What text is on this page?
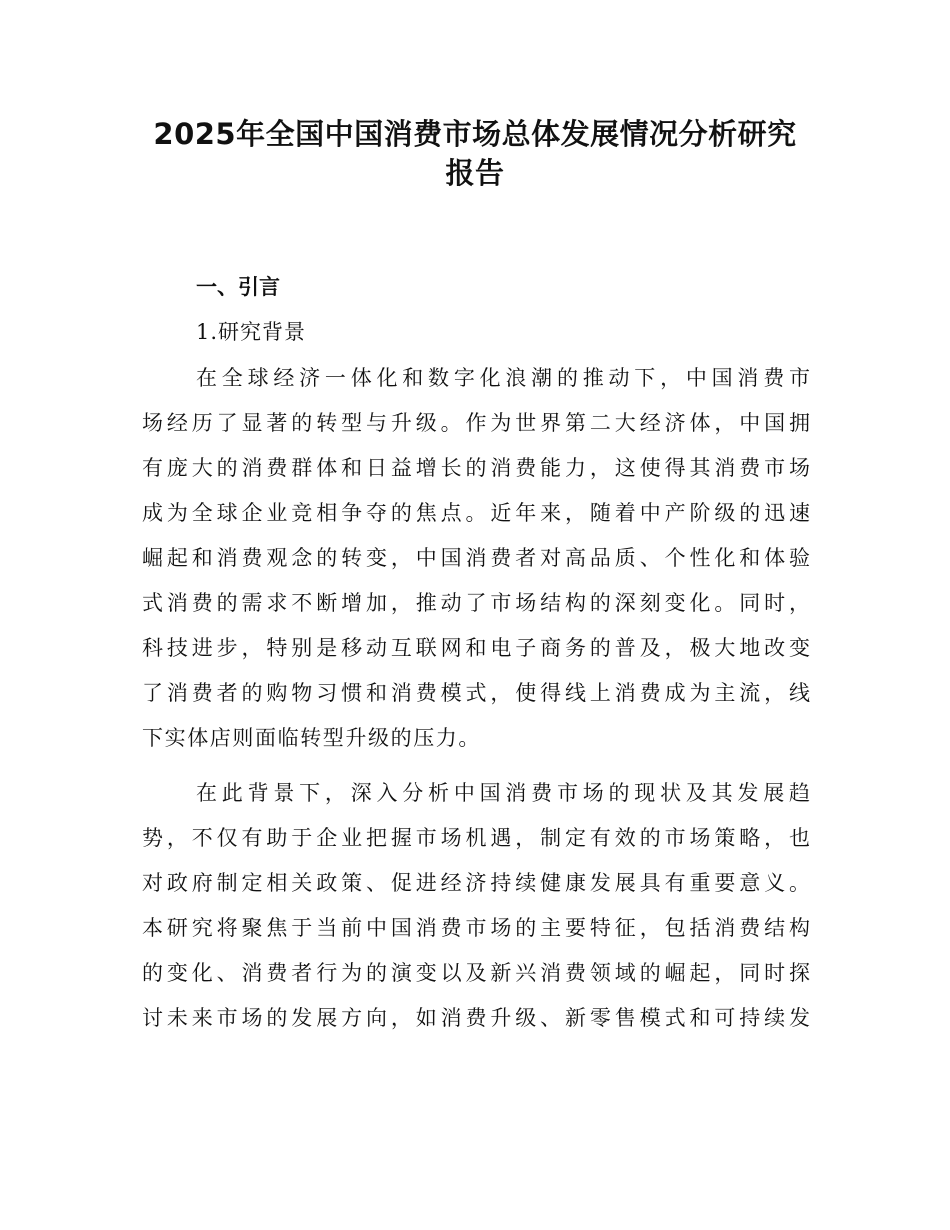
2025年全国中国消费市场总体发展情况分析研究
报告
一、引言
1.研究背景
在全球经济一体化和数字化浪潮的推动下，中国消费市
场经历了显著的转型与升级。作为世界第二大经济体，中国拥
有庞大的消费群体和日益增长的消费能力，这使得其消费市场
成为全球企业竞相争夺的焦点。近年来，随着中产阶级的迅速
崛起和消费观念的转变，中国消费者对高品质、个性化和体验
式消费的需求不断增加，推动了市场结构的深刻变化。同时，
科技进步，特别是移动互联网和电子商务的普及，极大地改变
了消费者的购物习惯和消费模式，使得线上消费成为主流，线
下实体店则面临转型升级的压力。
在此背景下，深入分析中国消费市场的现状及其发展趋
势，不仅有助于企业把握市场机遇，制定有效的市场策略，也
对政府制定相关政策、促进经济持续健康发展具有重要意义。
本研究将聚焦于当前中国消费市场的主要特征，包括消费结构
的变化、消费者行为的演变以及新兴消费领域的崛起，同时探
讨未来市场的发展方向，如消费升级、新零售模式和可持续发
